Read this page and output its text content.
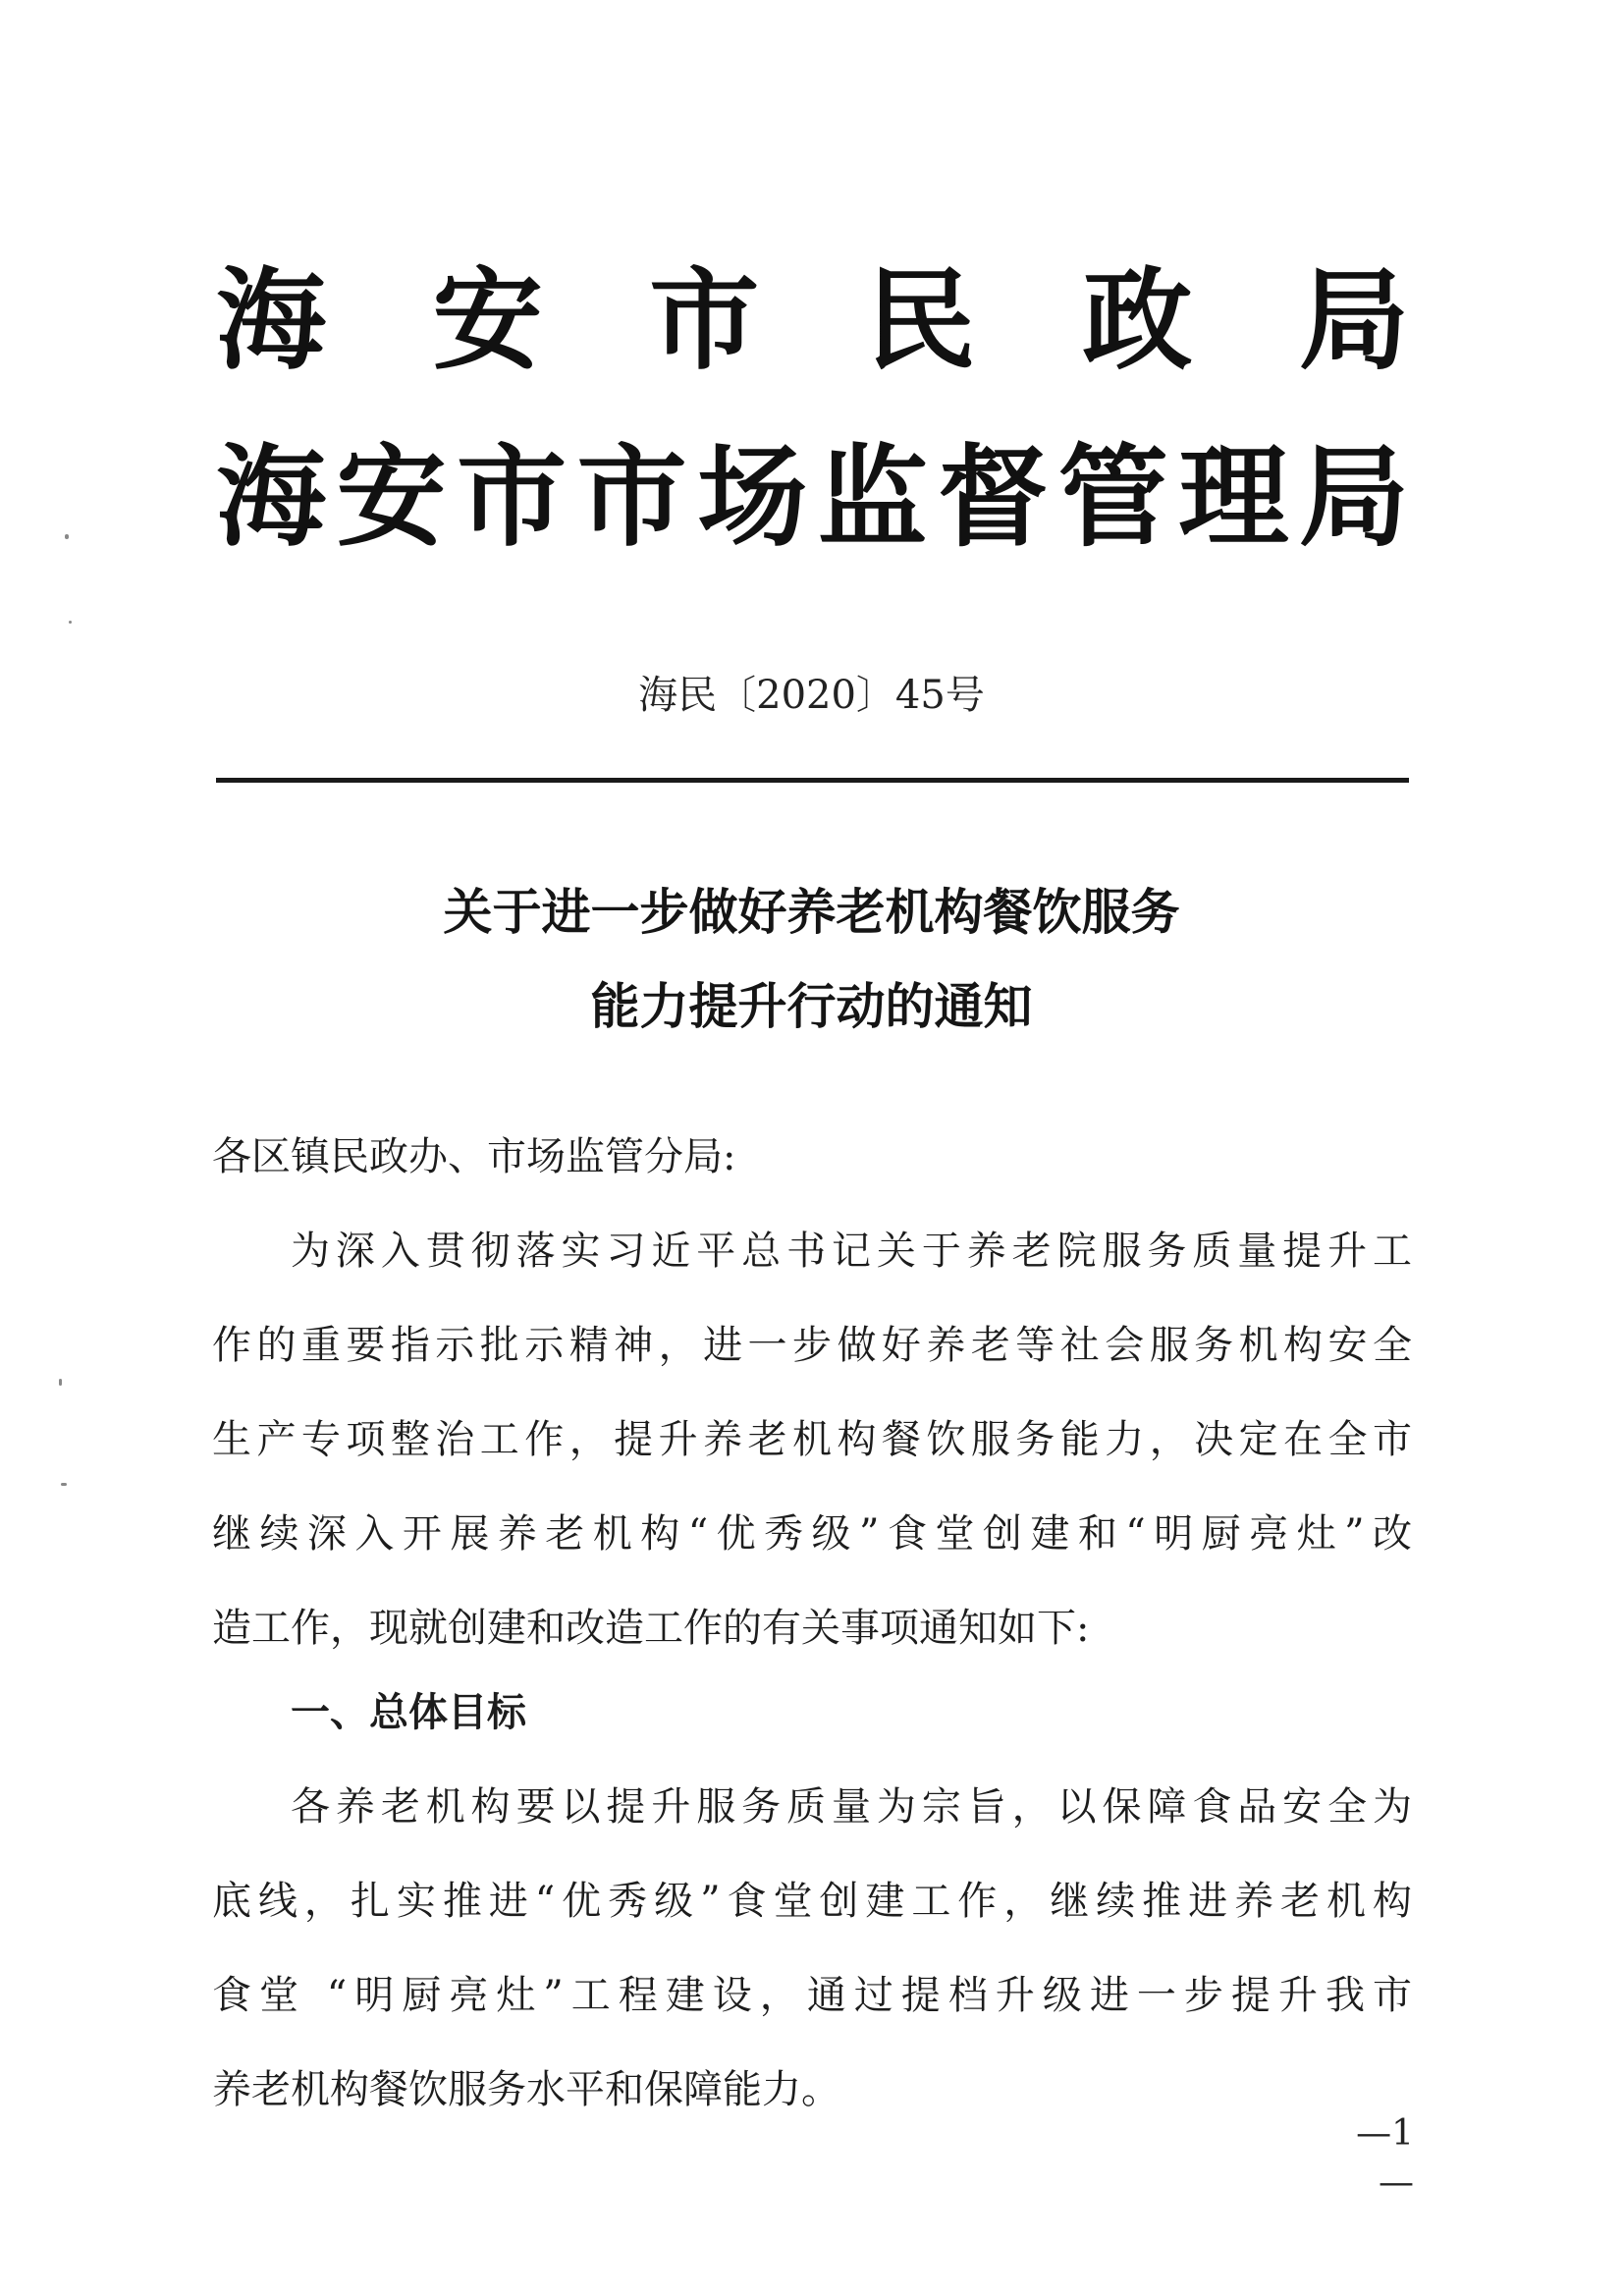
海 安 市 民 政 局
海 安 市 市 场 监 督 管 理 局
海民〔2020〕45号
关于进一步做好养老机构餐饮服务
能力提升行动的通知
各区镇民政办、市场监管分局:
为深入贯彻落实习近平总书记关于养老院服务质量提升工
作的重要指示批示精神，进一步做好养老等社会服务机构安全
生产专项整治工作，提升养老机构餐饮服务能力，决定在全市
继续深入开展养老机构“优秀级”食堂创建和“明厨亮灶”改
造工作，现就创建和改造工作的有关事项通知如下:
一、总体目标
各养老机构要以提升服务质量为宗旨，以保障食品安全为
底线，扎实推进“优秀级”食堂创建工作，继续推进养老机构
食堂 “明厨亮灶”工程建设，通过提档升级进一步提升我市
养老机构餐饮服务水平和保障能力。
—1—
